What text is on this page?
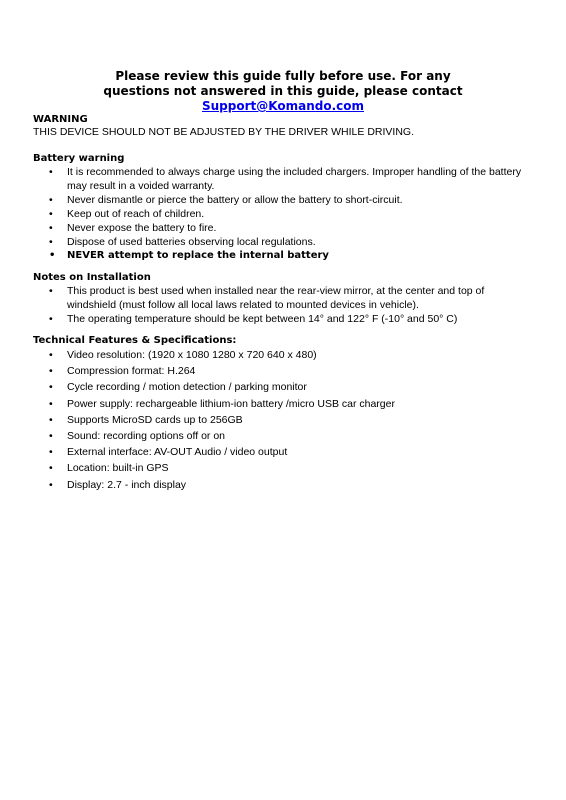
Please review this guide fully before use. For any
questions not answered in this guide, please contact
Support@Komando.com

WARNING

THIS DEVICE SHOULD NOT BE ADJUSTED BY THE DRIVER WHILE DRIVING.

Battery warning

• It is recommended to always charge using the included chargers. Improper handling of the battery may result in a voided warranty.
• Never dismantle or pierce the battery or allow the battery to short-circuit.
• Keep out of reach of children.
• Never expose the battery to fire.
• Dispose of used batteries observing local regulations.
• NEVER attempt to replace the internal battery

Notes on Installation

• This product is best used when installed near the rear-view mirror, at the center and top of windshield (must follow all local laws related to mounted devices in vehicle).
• The operating temperature should be kept between 14° and 122° F (-10° and 50° C)

Technical Features & Specifications:

• Video resolution: (1920 x 1080 1280 x 720 640 x 480)
• Compression format: H.264
• Cycle recording / motion detection / parking monitor
• Power supply: rechargeable lithium-ion battery /micro USB car charger
• Supports MicroSD cards up to 256GB
• Sound: recording options off or on
• External interface: AV-OUT Audio / video output
• Location: built-in GPS
• Display: 2.7 - inch display
